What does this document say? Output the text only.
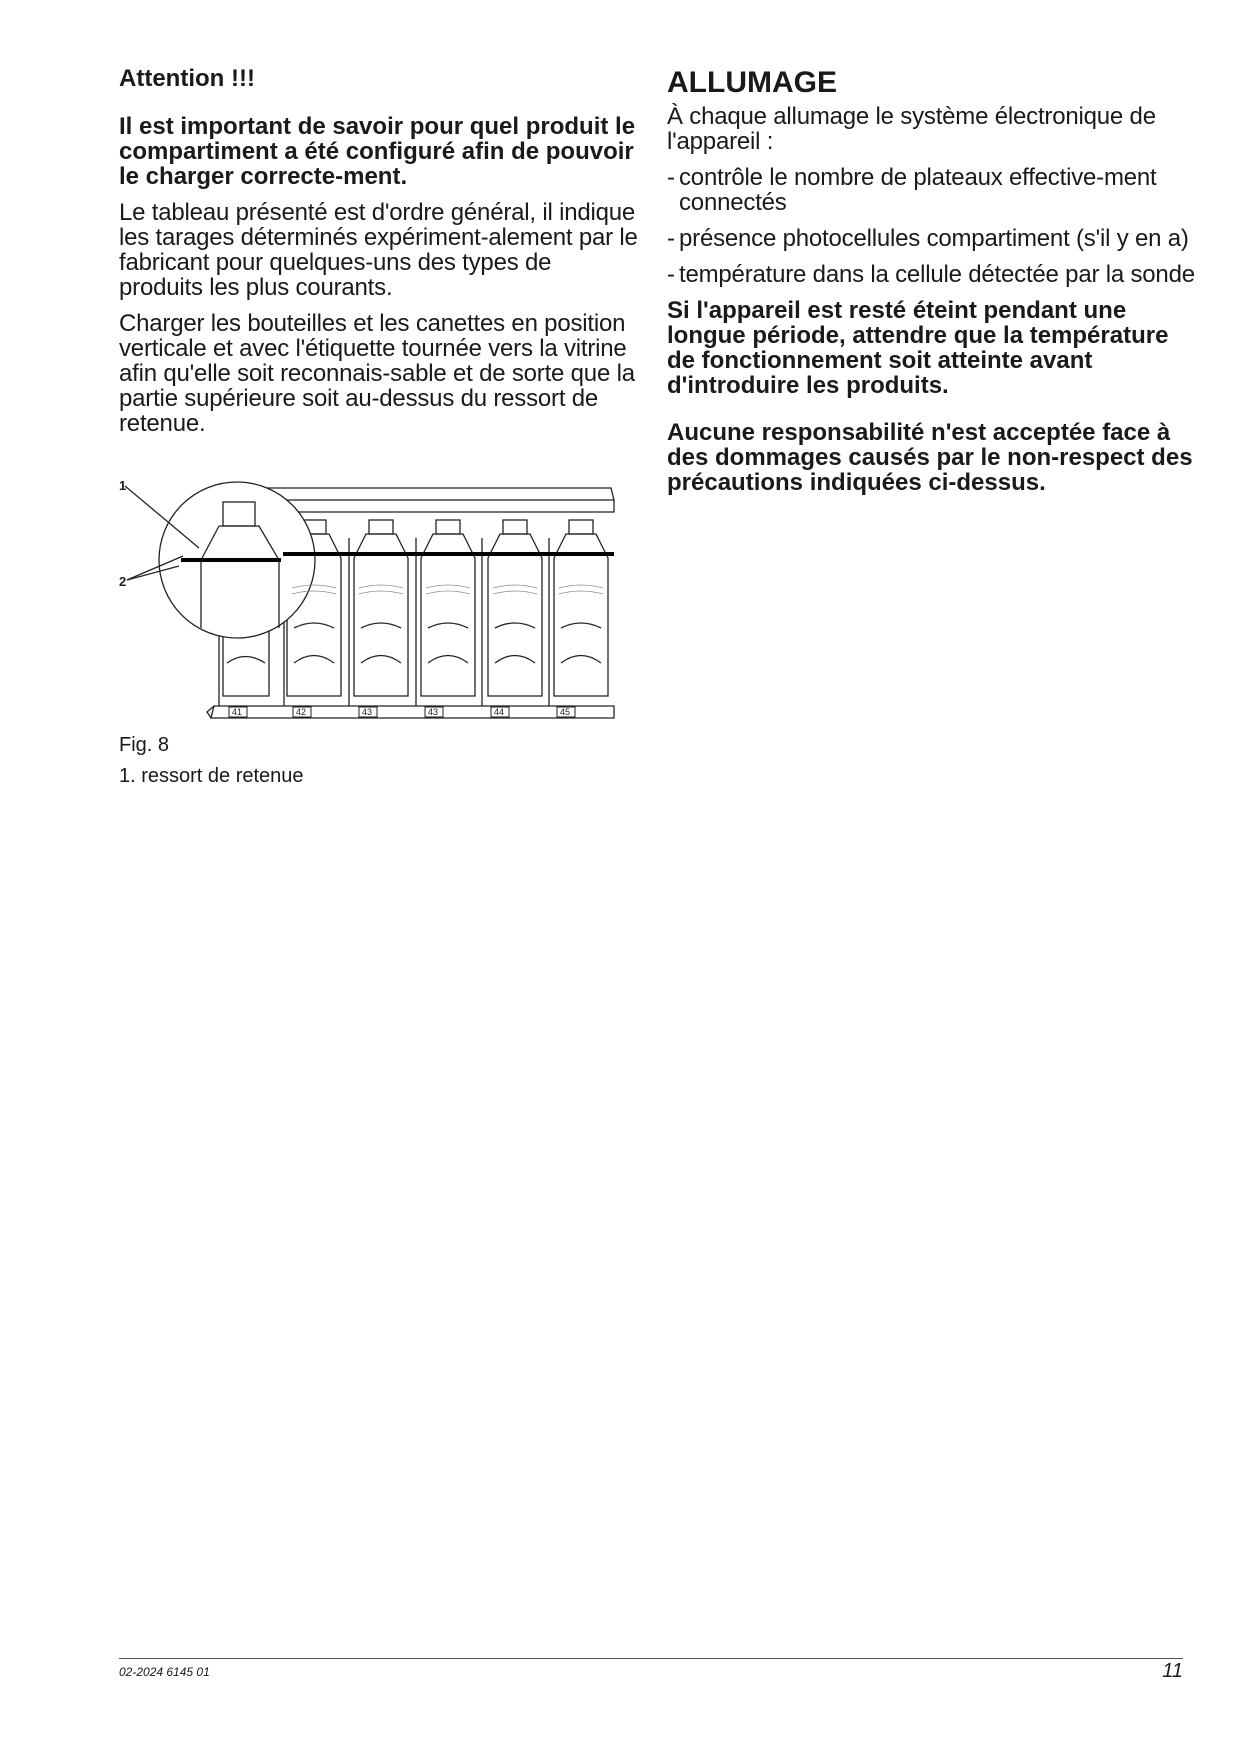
Attention !!!

Il est important de savoir pour quel produit le compartiment a été configuré afin de pouvoir le charger correcte-ment.

Le tableau présenté est d'ordre général, il indique les tarages déterminés expériment-alement par le fabricant pour quelques-uns des types de produits les plus courants.

Charger les bouteilles et les canettes en position verticale et avec l'étiquette tournée vers la vitrine afin qu'elle soit reconnais-sable et de sorte que la partie supérieure soit au-dessus du ressort de retenue.

41	42	43	43	44	45
1
2
Fig. 8
1. ressort de retenue
ALLUMAGE

À chaque allumage le système électronique de l'appareil :

- contrôle le nombre de plateaux effective-ment connectés
- présence photocellules compartiment (s'il y en a)
- température dans la cellule détectée par la sonde

Si l'appareil est resté éteint pendant une longue période, attendre que la température de fonctionnement soit atteinte avant d'introduire les produits.

Aucune responsabilité n'est acceptée face à des dommages causés par le non-respect des précautions indiquées ci-dessus.

02-2024 6145 01	11
